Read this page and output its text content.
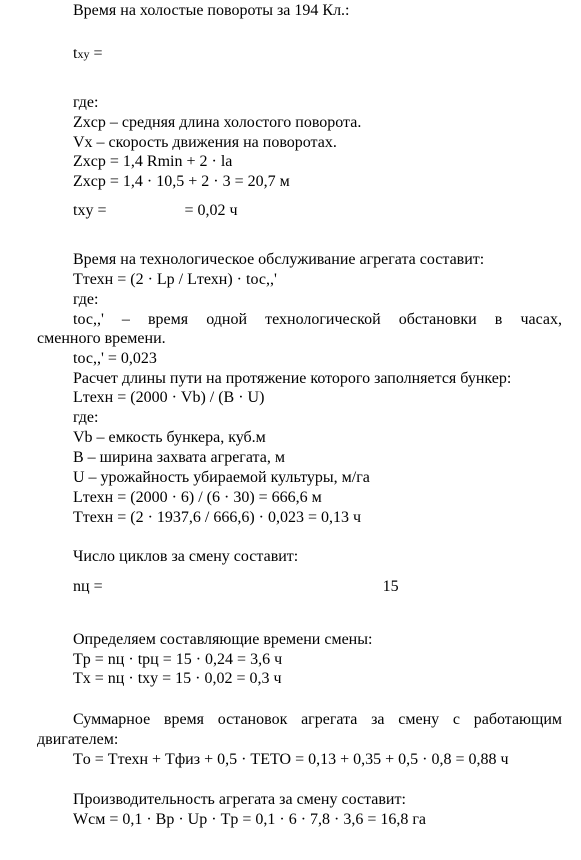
Время на холостые повороты за 194 Кл.:
txy =
где:
Zxср – средняя длина холостого поворота.
Vx – скорость движения на поворотах.
Zxср = 1,4 Rmin + 2 · lа
Zxср = 1,4 · 10,5 + 2 · 3 = 20,7 м
txy =	= 0,02 ч
Время на технологическое обслуживание агрегата составит:
Tтехн = (2 · Lр / Lтехн) · tос,,'
где:
tос,,' – время одной технологической обстановки в часах,
сменного времени.
tос,,' = 0,023
Расчет длины пути на протяжение которого заполняется бункер:
Lтехн = (2000 · Vb) / (B · U)
где:
Vb – емкость бункера, куб.м
B – ширина захвата агрегата, м
U – урожайность убираемой культуры, м/га
Lтехн = (2000 · 6) / (6 · 30) = 666,6 м
Tтехн = (2 · 1937,6 / 666,6) · 0,023 = 0,13 ч
Число циклов за смену составит:
nц =	15
Определяем составляющие времени смены:
Tр = nц · tрц = 15 · 0,24 = 3,6 ч
Tх = nц · txy = 15 · 0,02 = 0,3 ч
Суммарное время остановок агрегата за смену с работающим
двигателем:
Tо = Tтехн + Tфиз + 0,5 · TЕТО = 0,13 + 0,35 + 0,5 · 0,8 = 0,88 ч
Производительность агрегата за смену составит:
Wсм = 0,1 · Bр · Uр · Tр = 0,1 · 6 · 7,8 · 3,6 = 16,8 га
